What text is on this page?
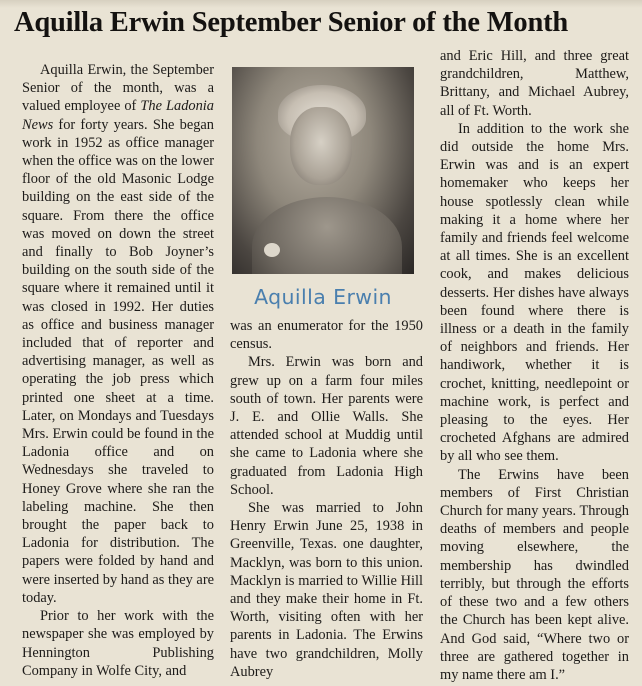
Aquilla Erwin September Senior of the Month

Aquilla Erwin, the September Senior of the month, was a valued employee of The Ladonia News for forty years. She began work in 1952 as office manager when the office was on the lower floor of the old Masonic Lodge building on the east side of the square. From there the office was moved on down the street and finally to Bob Joyner’s building on the south side of the square where it remained until it was closed in 1992. Her duties as office and business manager included that of reporter and advertising manager, as well as operating the job press which printed one sheet at a time. Later, on Mondays and Tuesdays Mrs. Erwin could be found in the Ladonia office and on Wednesdays she traveled to Honey Grove where she ran the labeling machine. She then brought the paper back to Ladonia for distribution. The papers were folded by hand and were inserted by hand as they are today.

Prior to her work with the newspaper she was employed by Hennington Publishing Company in Wolfe City, and

Aquilla Erwin

was an enumerator for the 1950 census.

Mrs. Erwin was born and grew up on a farm four miles south of town. Her parents were J. E. and Ollie Walls. She attended school at Muddig until she came to Ladonia where she graduated from Ladonia High School.

She was married to John Henry Erwin June 25, 1938 in Greenville, Texas. one daughter, Macklyn, was born to this union. Macklyn is married to Willie Hill and they make their home in Ft. Worth, visiting often with her parents in Ladonia. The Erwins have two grandchildren, Molly Aubrey

and Eric Hill, and three great grandchildren, Matthew, Brittany, and Michael Aubrey, all of Ft. Worth.

In addition to the work she did outside the home Mrs. Erwin was and is an expert homemaker who keeps her house spotlessly clean while making it a home where her family and friends feel welcome at all times. She is an excellent cook, and makes delicious desserts. Her dishes have always been found where there is illness or a death in the family of neighbors and friends. Her handiwork, whether it is crochet, knitting, needlepoint or machine work, is perfect and pleasing to the eyes. Her crocheted Afghans are admired by all who see them.

The Erwins have been members of First Christian Church for many years. Through deaths of members and people moving elsewhere, the membership has dwindled terribly, but through the efforts of these two and a few others the Church has been kept alive. And God said, “Where two or three are gathered together in my name there am I.”
